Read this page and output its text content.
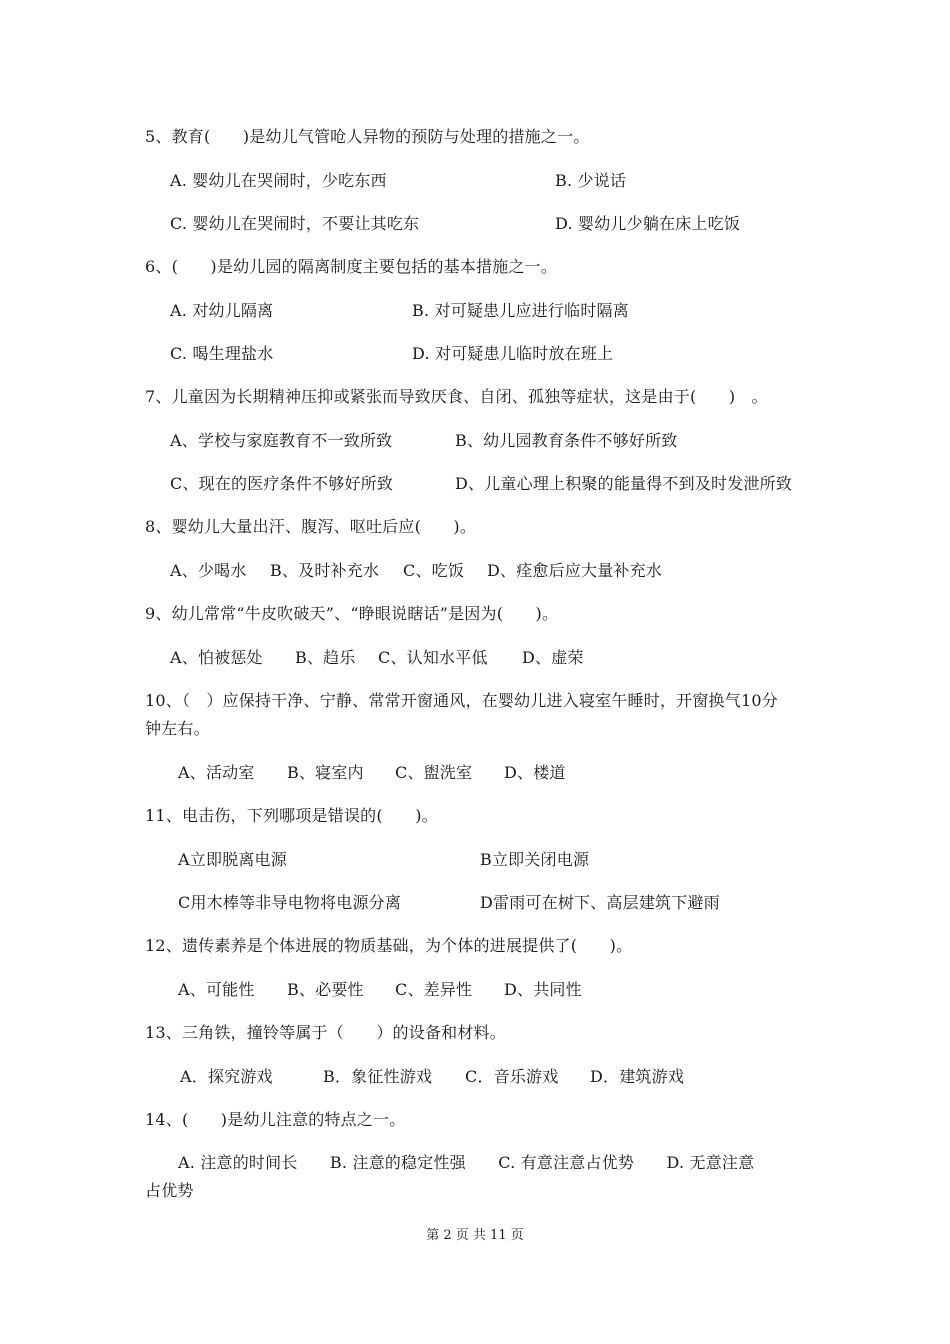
5、教育(　　)是幼儿气管呛人异物的预防与处理的措施之一。
A. 婴幼儿在哭闹时，少吃东西	B. 少说话
C. 婴幼儿在哭闹时，不要让其吃东	D. 婴幼儿少躺在床上吃饭
6、(　　)是幼儿园的隔离制度主要包括的基本措施之一。
A. 对幼儿隔离	B. 对可疑患儿应进行临时隔离
C. 喝生理盐水	D. 对可疑患儿临时放在班上
7、儿童因为长期精神压抑或紧张而导致厌食、自闭、孤独等症状，这是由于(　　)　。
A、学校与家庭教育不一致所致	B、幼儿园教育条件不够好所致
C、现在的医疗条件不够好所致	D、儿童心理上积聚的能量得不到及时发泄所致
8、婴幼儿大量出汗、腹泻、呕吐后应(　　)。
A、少喝水 B、及时补充水 C、吃饭 D、痊愈后应大量补充水
9、幼儿常常“牛皮吹破天”、“睁眼说瞎话”是因为(　　)。
A、怕被惩处 B、趋乐 C、认知水平低 D、虚荣
10、（　）应保持干净、宁静、常常开窗通风，在婴幼儿进入寝室午睡时，开窗换气10分
钟左右。
A、活动室 B、寝室内 C、盥洗室 D、楼道
11、电击伤，下列哪项是错误的(　　)。
A立即脱离电源	B立即关闭电源
C用木棒等非导电物将电源分离	D雷雨可在树下、高层建筑下避雨
12、遗传素养是个体进展的物质基础，为个体的进展提供了(　　)。
A、可能性 B、必要性 C、差异性 D、共同性
13、三角铁，撞铃等属于（　　）的设备和材料。
A．探究游戏	B．象征性游戏 C．音乐游戏 D．建筑游戏
14、(　　)是幼儿注意的特点之一。
A. 注意的时间长　　B. 注意的稳定性强　　C. 有意注意占优势　　D. 无意注意
占优势
第 2 页 共 11 页
